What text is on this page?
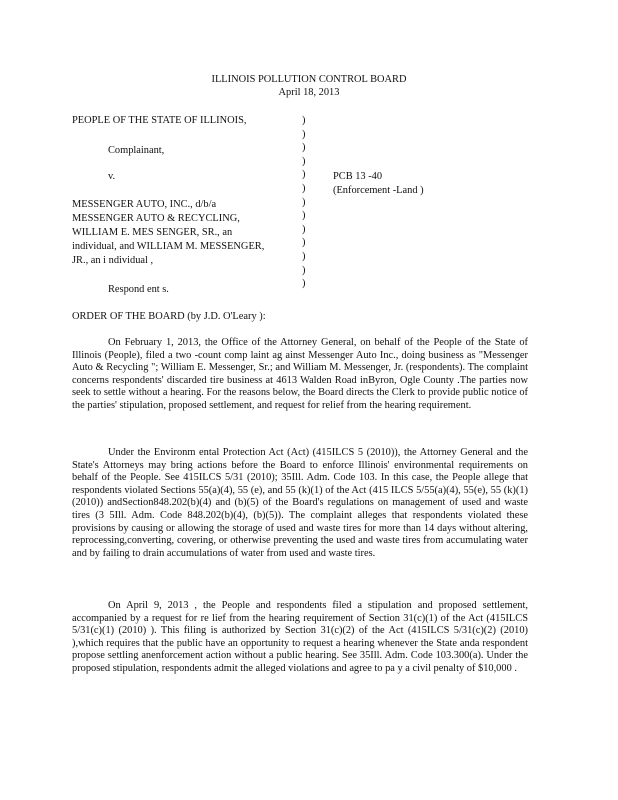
ILLINOIS POLLUTION CONTROL BOARD
April 18, 2013
PEOPLE OF THE STATE OF ILLINOIS,
Complainant,
v.
MESSENGER AUTO, INC., d/b/a
MESSENGER AUTO & RECYCLING,
WILLIAM E. MES SENGER, SR., an
individual, and WILLIAM M. MESSENGER,
JR., an i ndividual ,
Respond ent s.
)
)
)
)
)
)
)
)
)
)
)
)
)
PCB 13 -40
(Enforcement -Land )
ORDER OF THE BOARD (by J.D. O'Leary ):

On February 1, 2013, the Office of the Attorney General, on behalf of the People of the State of Illinois (People), filed a two -count comp laint ag ainst Messenger Auto Inc., doing business as "Messenger Auto & Recycling "; William E. Messenger, Sr.; and William M. Messenger, Jr. (respondents). The complaint concerns respondents' discarded tire business at 4613 Walden Road inByron, Ogle County .The parties now seek to settle without a hearing. For the reasons below, the Board directs the Clerk to provide public notice of the parties' stipulation, proposed settlement, and request for relief from the hearing requirement.

Under the Environm ental Protection Act (Act) (415ILCS 5 (2010)), the Attorney General and the State's Attorneys may bring actions before the Board to enforce Illinois' environmental requirements on behalf of the People. See 415ILCS 5/31 (2010); 35Ill. Adm. Code 103. In this case, the People allege that respondents violated Sections 55(a)(4), 55 (e), and 55 (k)(1) of the Act (415 ILCS 5/55(a)(4), 55(e), 55 (k)(1) (2010)) andSection848.202(b)(4) and (b)(5) of the Board's regulations on management of used and waste tires (3 5Ill. Adm. Code 848.202(b)(4), (b)(5)). The complaint alleges that respondents violated these provisions by causing or allowing the storage of used and waste tires for more than 14 days without altering, reprocessing,converting, covering, or otherwise preventing the used and waste tires from accumulating water and by failing to drain accumulations of water from used and waste tires.

On April 9, 2013 , the People and respondents filed a stipulation and proposed settlement, accompanied by a request for re lief from the hearing requirement of Section 31(c)(1) of the Act (415ILCS 5/31(c)(1) (2010) ). This filing is authorized by Section 31(c)(2) of the Act (415ILCS 5/31(c)(2) (2010) ),which requires that the public have an opportunity to request a hearing whenever the State anda respondent propose settling anenforcement action without a public hearing. See 35Ill. Adm. Code 103.300(a). Under the proposed stipulation, respondents admit the alleged violations and agree to pa y a civil penalty of $10,000 .
